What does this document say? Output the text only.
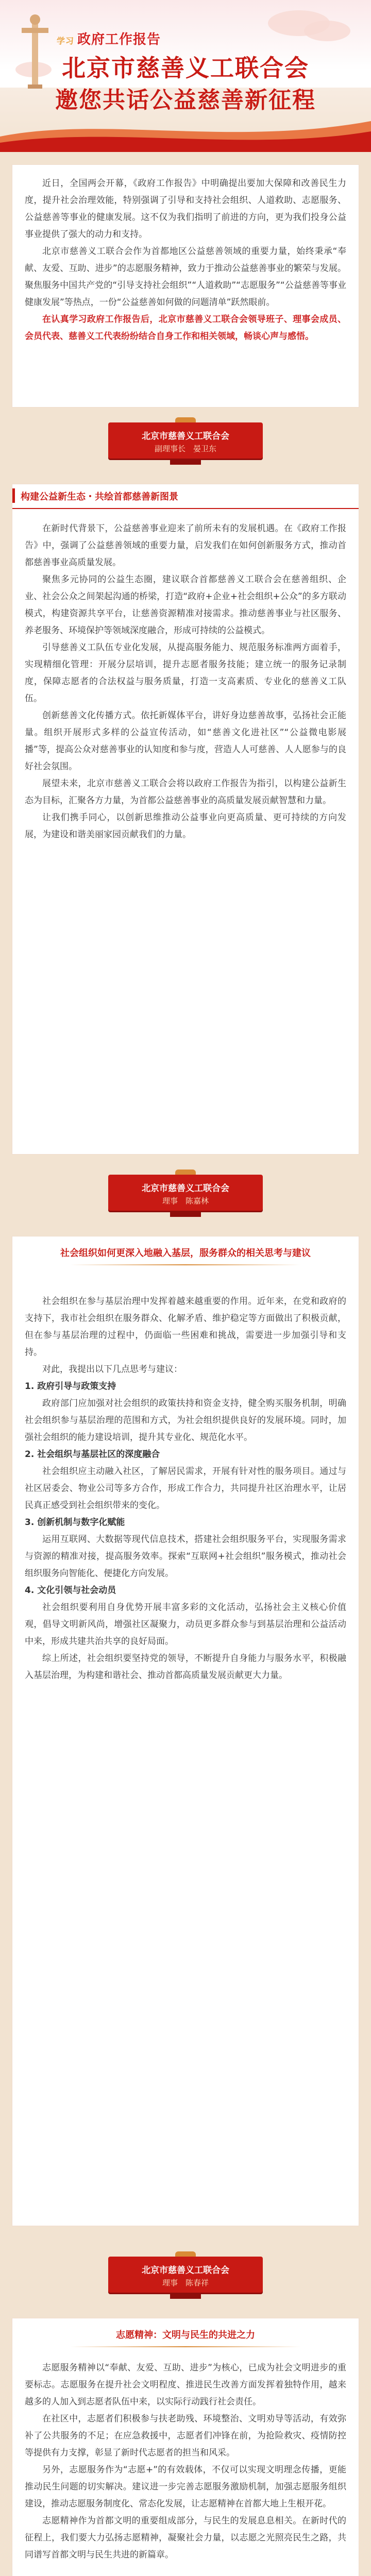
学习 政府工作报告
北京市慈善义工联合会
邀您共话公益慈善新征程

近日，全国两会开幕，《政府工作报告》中明确提出要加大保障和改善民生力度，提升社会治理效能，特别强调了引导和支持社会组织、人道救助、志愿服务、公益慈善等事业的健康发展。这不仅为我们指明了前进的方向，更为我们投身公益事业提供了强大的动力和支持。

北京市慈善义工联合会作为首都地区公益慈善领域的重要力量，始终秉承“奉献、友爱、互助、进步”的志愿服务精神，致力于推动公益慈善事业的繁荣与发展。聚焦服务中国共产党的“引导支持社会组织”“人道救助”“志愿服务”“公益慈善等事业健康发展”等热点，一份“公益慈善如何做的问题清单”跃然眼前。

在认真学习政府工作报告后，北京市慈善义工联合会领导班子、理事会成员、会员代表、慈善义工代表纷纷结合自身工作和相关领域，畅谈心声与感悟。

北京市慈善义工联合会
副理事长　 晏卫东
构建公益新生态・共绘首都慈善新图景

在新时代背景下，公益慈善事业迎来了前所未有的发展机遇。在《政府工作报告》中，强调了公益慈善领域的重要力量，启发我们在如何创新服务方式，推动首都慈善事业高质量发展。

聚焦多元协同的公益生态圈，建议联合首都慈善义工联合会在慈善组织、企业、社会公众之间架起沟通的桥梁，打造“政府+企业+社会组织+公众”的多方联动模式，构建资源共享平台，让慈善资源精准对接需求。推动慈善事业与社区服务、养老服务、环境保护等领域深度融合，形成可持续的公益模式。

引导慈善义工队伍专业化发展，从提高服务能力、规范服务标准两方面着手，实现精细化管理：开展分层培训，提升志愿者服务技能；建立统一的服务记录制度，保障志愿者的合法权益与服务质量，打造一支高素质、专业化的慈善义工队伍。

创新慈善文化传播方式。依托新媒体平台，讲好身边慈善故事，弘扬社会正能量。组织开展形式多样的公益宣传活动，如“慈善文化进社区”“公益微电影展播”等，提高公众对慈善事业的认知度和参与度，营造人人可慈善、人人愿参与的良好社会氛围。

展望未来，北京市慈善义工联合会将以政府工作报告为指引，以构建公益新生态为目标，汇聚各方力量，为首都公益慈善事业的高质量发展贡献智慧和力量。

让我们携手同心，以创新思维推动公益事业向更高质量、更可持续的方向发展，为建设和谐美丽家园贡献我们的力量。

北京市慈善义工联合会
理事　 陈嘉林
社会组织如何更深入地融入基层，服务群众的相关思考与建议

社会组织在参与基层治理中发挥着越来越重要的作用。近年来，在党和政府的支持下，我市社会组织在服务群众、化解矛盾、维护稳定等方面做出了积极贡献，但在参与基层治理的过程中，仍面临一些困难和挑战，需要进一步加强引导和支持。

对此，我提出以下几点思考与建议：

1. 政府引导与政策支持

政府部门应加强对社会组织的政策扶持和资金支持，健全购买服务机制，明确社会组织参与基层治理的范围和方式，为社会组织提供良好的发展环境。同时，加强社会组织的能力建设培训，提升其专业化、规范化水平。

2. 社会组织与基层社区的深度融合

社会组织应主动融入社区，了解居民需求，开展有针对性的服务项目。通过与社区居委会、物业公司等多方合作，形成工作合力，共同提升社区治理水平，让居民真正感受到社会组织带来的变化。

3. 创新机制与数字化赋能

运用互联网、大数据等现代信息技术，搭建社会组织服务平台，实现服务需求与资源的精准对接，提高服务效率。探索“互联网+社会组织”服务模式，推动社会组织服务向智能化、便捷化方向发展。

4. 文化引领与社会动员

社会组织要利用自身优势开展丰富多彩的文化活动，弘扬社会主义核心价值观，倡导文明新风尚，增强社区凝聚力，动员更多群众参与到基层治理和公益活动中来，形成共建共治共享的良好局面。

综上所述，社会组织要坚持党的领导，不断提升自身能力与服务水平，积极融入基层治理，为构建和谐社会、推动首都高质量发展贡献更大力量。

北京市慈善义工联合会
理事　 陈春祥
志愿精神：文明与民生的共进之力

志愿服务精神以“奉献、友爱、互助、进步”为核心，已成为社会文明进步的重要标志。志愿服务在提升社会文明程度、推进民生改善方面发挥着独特作用，越来越多的人加入到志愿者队伍中来，以实际行动践行社会责任。

在社区中，志愿者们积极参与扶老助残、环境整治、文明劝导等活动，有效弥补了公共服务的不足；在应急救援中，志愿者们冲锋在前，为抢险救灾、疫情防控等提供有力支撑，彰显了新时代志愿者的担当和风采。

另外，志愿服务作为“志愿+”的有效载体，不仅可以实现文明理念传播，更能推动民生问题的切实解决。建议进一步完善志愿服务激励机制，加强志愿服务组织建设，推动志愿服务制度化、常态化发展，让志愿精神在首都大地上生根开花。

志愿精神作为首都文明的重要组成部分，与民生的发展息息相关。在新时代的征程上，我们要大力弘扬志愿精神，凝聚社会力量，以志愿之光照亮民生之路，共同谱写首都文明与民生共进的新篇章。
